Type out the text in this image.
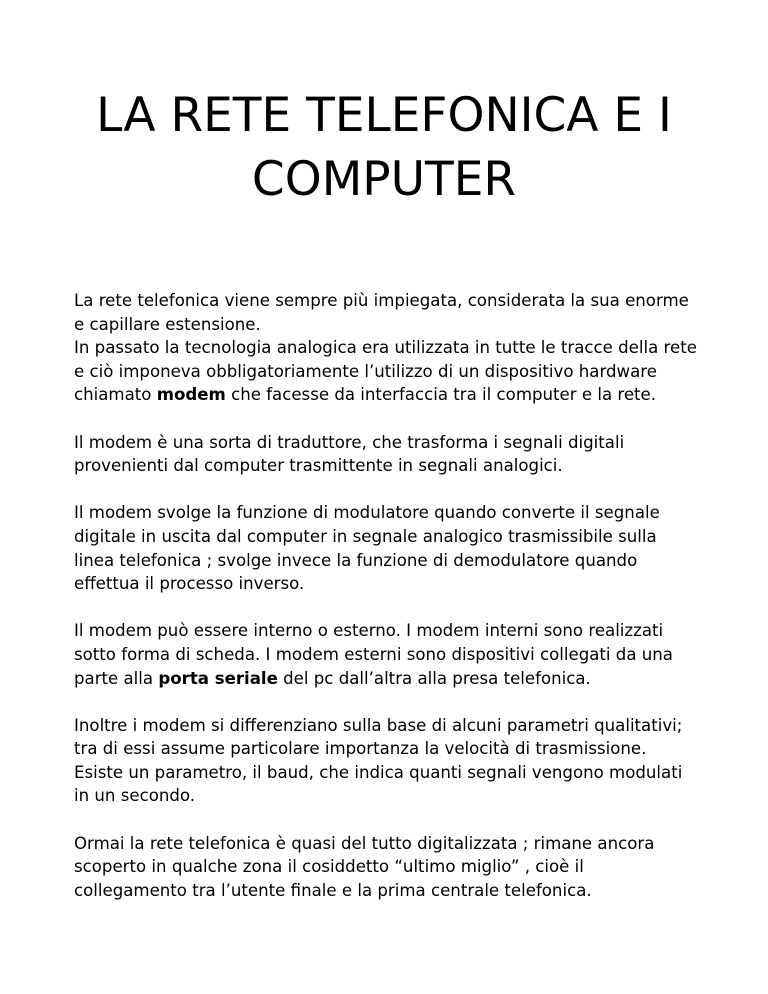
LA RETE TELEFONICA E I
COMPUTER

La rete telefonica viene sempre più impiegata, considerata la sua enorme
e capillare estensione.

In passato la tecnologia analogica era utilizzata in tutte le tracce della rete
e ciò imponeva obbligatoriamente l’utilizzo di un dispositivo hardware
chiamato modem che facesse da interfaccia tra il computer e la rete.

Il modem è una sorta di traduttore, che trasforma i segnali digitali
provenienti dal computer trasmittente in segnali analogici.

Il modem svolge la funzione di modulatore quando converte il segnale
digitale in uscita dal computer in segnale analogico trasmissibile sulla
linea telefonica ; svolge invece la funzione di demodulatore quando
effettua il processo inverso.

Il modem può essere interno o esterno. I modem interni sono realizzati
sotto forma di scheda. I modem esterni sono dispositivi collegati da una
parte alla porta seriale del pc dall’altra alla presa telefonica.

Inoltre i modem si differenziano sulla base di alcuni parametri qualitativi;
tra di essi assume particolare importanza la velocità di trasmissione.
Esiste un parametro, il baud, che indica quanti segnali vengono modulati
in un secondo.

Ormai la rete telefonica è quasi del tutto digitalizzata ; rimane ancora
scoperto in qualche zona il cosiddetto “ultimo miglio” , cioè il
collegamento tra l’utente finale e la prima centrale telefonica.
